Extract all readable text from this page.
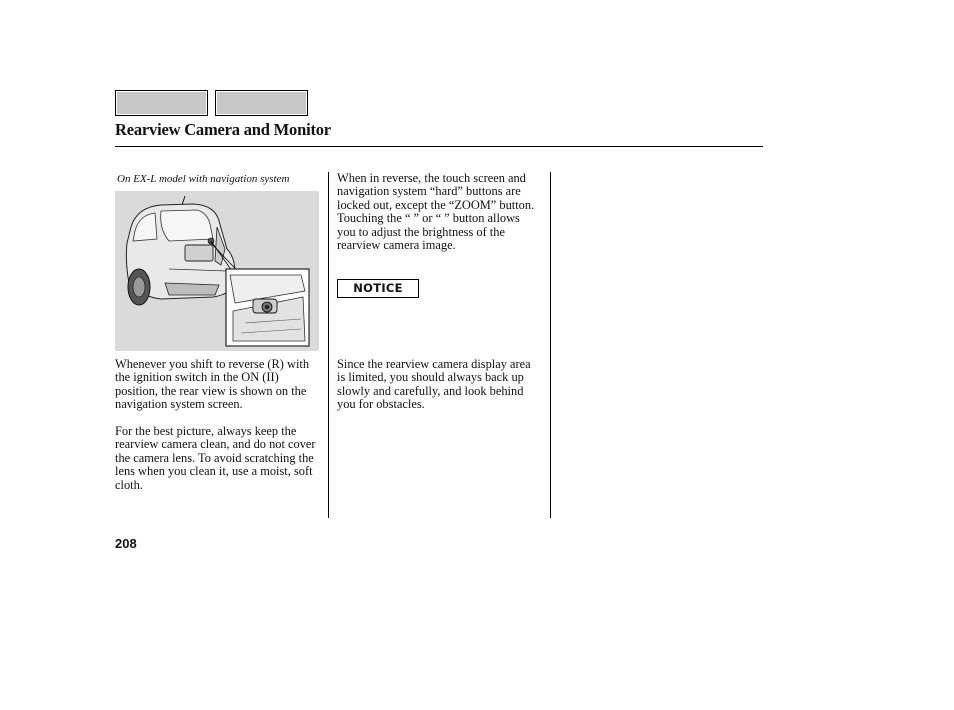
Rearview Camera and Monitor
On EX-L model with navigation system
Whenever you shift to reverse (R) with the ignition switch in the ON (II) position, the rear view is shown on the navigation system screen.
For the best picture, always keep the rearview camera clean, and do not cover the camera lens. To avoid scratching the lens when you clean it, use a moist, soft cloth.
When in reverse, the touch screen and navigation system “hard” buttons are locked out, except the “ZOOM” button. Touching the “ ” or “ ” button allows you to adjust the brightness of the rearview camera image.
NOTICE
Since the rearview camera display area is limited, you should always back up slowly and carefully, and look behind you for obstacles.
208
